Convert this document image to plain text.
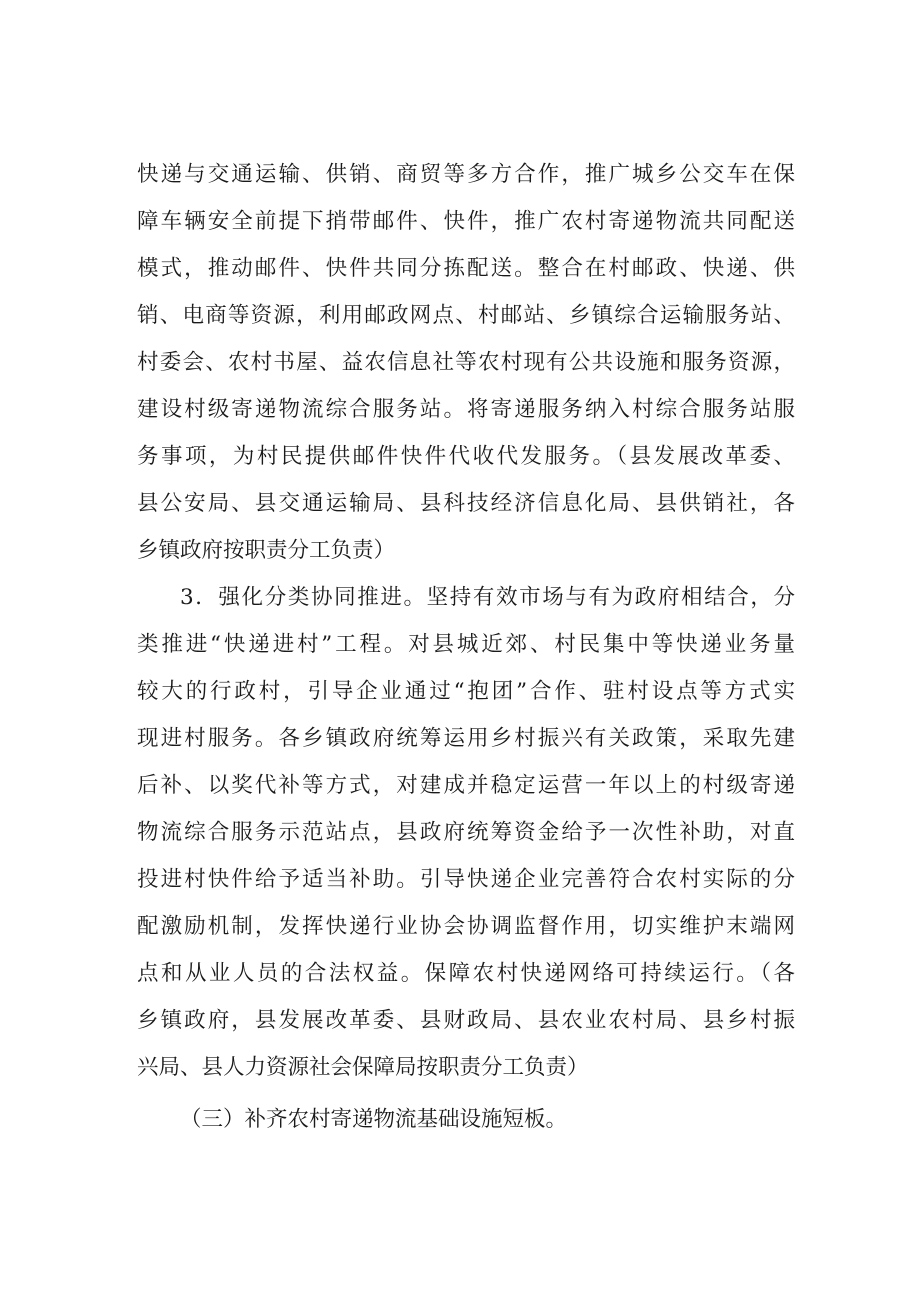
快递与交通运输、供销、商贸等多方合作，推广城乡公交车在保
障车辆安全前提下捎带邮件、快件，推广农村寄递物流共同配送
模式，推动邮件、快件共同分拣配送。整合在村邮政、快递、供
销、电商等资源，利用邮政网点、村邮站、乡镇综合运输服务站、
村委会、农村书屋、益农信息社等农村现有公共设施和服务资源，
建设村级寄递物流综合服务站。将寄递服务纳入村综合服务站服
务事项，为村民提供邮件快件代收代发服务。（县发展改革委、
县公安局、县交通运输局、县科技经济信息化局、县供销社，各
乡镇政府按职责分工负责）
3．强化分类协同推进。坚持有效市场与有为政府相结合，分
类推进“快递进村”工程。对县城近郊、村民集中等快递业务量
较大的行政村，引导企业通过“抱团”合作、驻村设点等方式实
现进村服务。各乡镇政府统筹运用乡村振兴有关政策，采取先建
后补、以奖代补等方式，对建成并稳定运营一年以上的村级寄递
物流综合服务示范站点，县政府统筹资金给予一次性补助，对直
投进村快件给予适当补助。引导快递企业完善符合农村实际的分
配激励机制，发挥快递行业协会协调监督作用，切实维护末端网
点和从业人员的合法权益。保障农村快递网络可持续运行。（各
乡镇政府，县发展改革委、县财政局、县农业农村局、县乡村振
兴局、县人力资源社会保障局按职责分工负责）
（三）补齐农村寄递物流基础设施短板。
